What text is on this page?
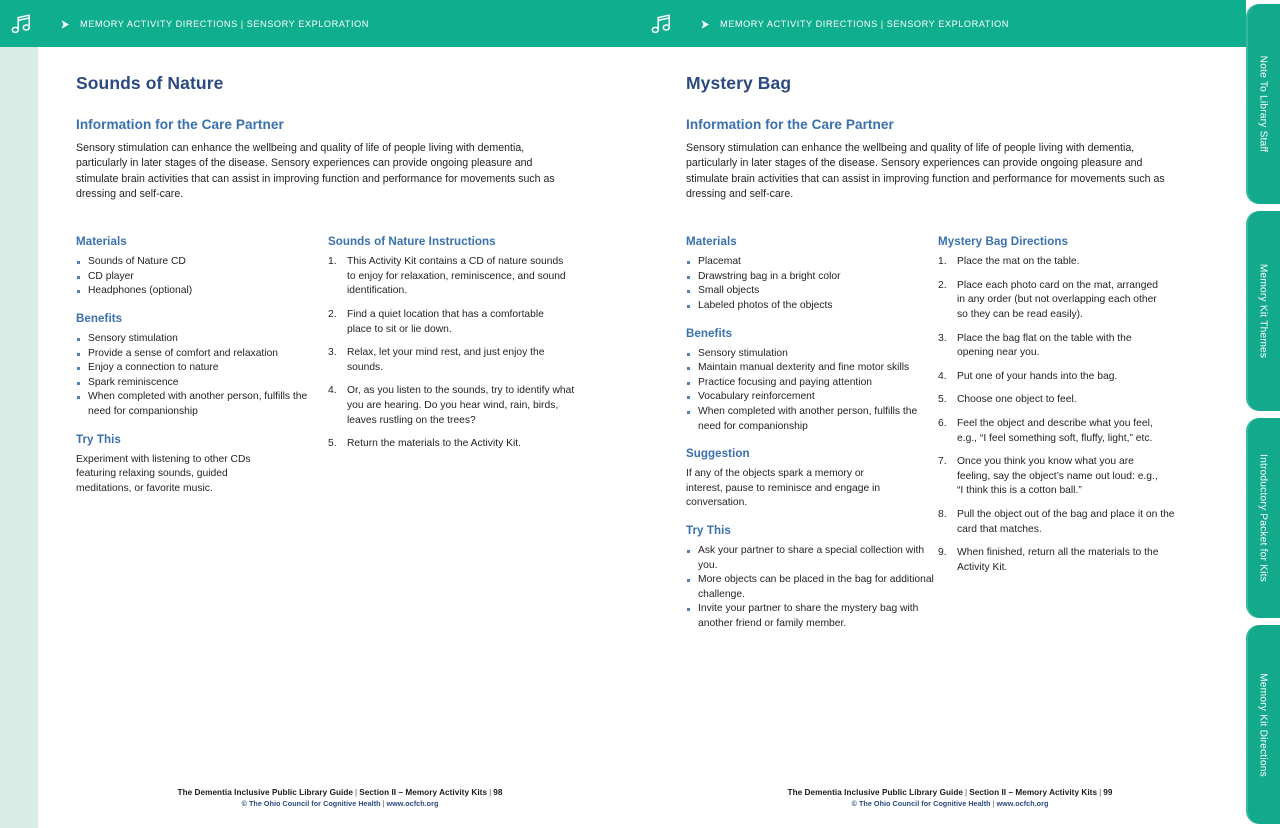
MEMORY ACTIVITY DIRECTIONS | SENSORY EXPLORATION	MEMORY ACTIVITY DIRECTIONS | SENSORY EXPLORATION
Sounds of Nature
Information for the Care Partner

Sensory stimulation can enhance the wellbeing and quality of life of people living with dementia, particularly in later stages of the disease. Sensory experiences can provide ongoing pleasure and stimulate brain activities that can assist in improving function and performance for movements such as dressing and self-care.

Materials
Sounds of Nature CD
CD player
Headphones (optional)
Benefits
Sensory stimulation
Provide a sense of comfort and relaxation
Enjoy a connection to nature
Spark reminiscence
When completed with another person, fulfills the need for companionship
Try This

Experiment with listening to other CDs featuring relaxing sounds, guided meditations, or favorite music.

Sounds of Nature Instructions
This Activity Kit contains a CD of nature sounds to enjoy for relaxation, reminiscence, and sound identification.
Find a quiet location that has a comfortable place to sit or lie down.
Relax, let your mind rest, and just enjoy the sounds.
Or, as you listen to the sounds, try to identify what you are hearing. Do you hear wind, rain, birds, leaves rustling on the trees?
Return the materials to the Activity Kit.
The Dementia Inclusive Public Library Guide | Section II – Memory Activity Kits | 98
© The Ohio Council for Cognitive Health | www.ocfch.org
Mystery Bag
Information for the Care Partner

Sensory stimulation can enhance the wellbeing and quality of life of people living with dementia, particularly in later stages of the disease. Sensory experiences can provide ongoing pleasure and stimulate brain activities that can assist in improving function and performance for movements such as dressing and self-care.

Materials
Placemat
Drawstring bag in a bright color
Small objects
Labeled photos of the objects
Benefits
Sensory stimulation
Maintain manual dexterity and fine motor skills
Practice focusing and paying attention
Vocabulary reinforcement
When completed with another person, fulfills the need for companionship
Suggestion

If any of the objects spark a memory or interest, pause to reminisce and engage in conversation.

Try This
Ask your partner to share a special collection with you.
More objects can be placed in the bag for additional challenge.
Invite your partner to share the mystery bag with another friend or family member.
Mystery Bag Directions
Place the mat on the table.
Place each photo card on the mat, arranged in any order (but not overlapping each other so they can be read easily).
Place the bag flat on the table with the opening near you.
Put one of your hands into the bag.
Choose one object to feel.
Feel the object and describe what you feel, e.g., “I feel something soft, fluffy, light,” etc.
Once you think you know what you are feeling, say the object’s name out loud: e.g., “I think this is a cotton ball.”
Pull the object out of the bag and place it on the card that matches.
When finished, return all the materials to the Activity Kit.
The Dementia Inclusive Public Library Guide | Section II – Memory Activity Kits | 99
© The Ohio Council for Cognitive Health | www.ocfch.org
Note To Library Staff
Memory Kit Themes
Introductory Packet for Kits
Memory Kit Directions
